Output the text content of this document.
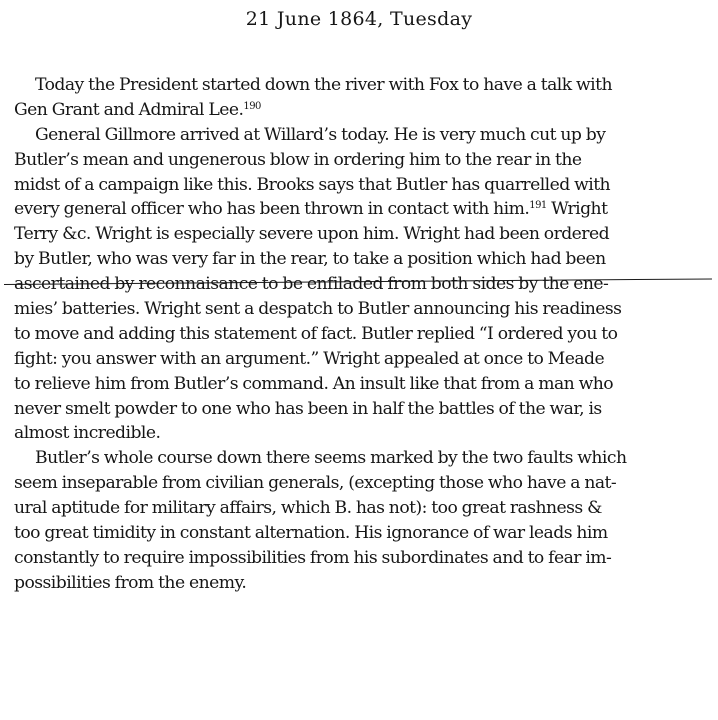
21 June 1864, Tuesday
Today the President started down the river with Fox to have a talk with
Gen Grant and Admiral Lee.$^{190}$
General Gillmore arrived at Willard’s today. He is very much cut up by
Butler’s mean and ungenerous blow in ordering him to the rear in the
midst of a campaign like this. Brooks says that Butler has quarrelled with
every general officer who has been thrown in contact with him.$^{191}$ Wright
Terry &c. Wright is especially severe upon him. Wright had been ordered
by Butler, who was very far in the rear, to take a position which had been
ascertained by reconnaisance to be enfiladed from both sides by the ene-
mies’ batteries. Wright sent a despatch to Butler announcing his readiness
to move and adding this statement of fact. Butler replied “I ordered you to
fight: you answer with an argument.” Wright appealed at once to Meade
to relieve him from Butler’s command. An insult like that from a man who
never smelt powder to one who has been in half the battles of the war, is
almost incredible.
Butler’s whole course down there seems marked by the two faults which
seem inseparable from civilian generals, (excepting those who have a nat-
ural aptitude for military affairs, which B. has not): too great rashness &
too great timidity in constant alternation. His ignorance of war leads him
constantly to require impossibilities from his subordinates and to fear im-
possibilities from the enemy.
